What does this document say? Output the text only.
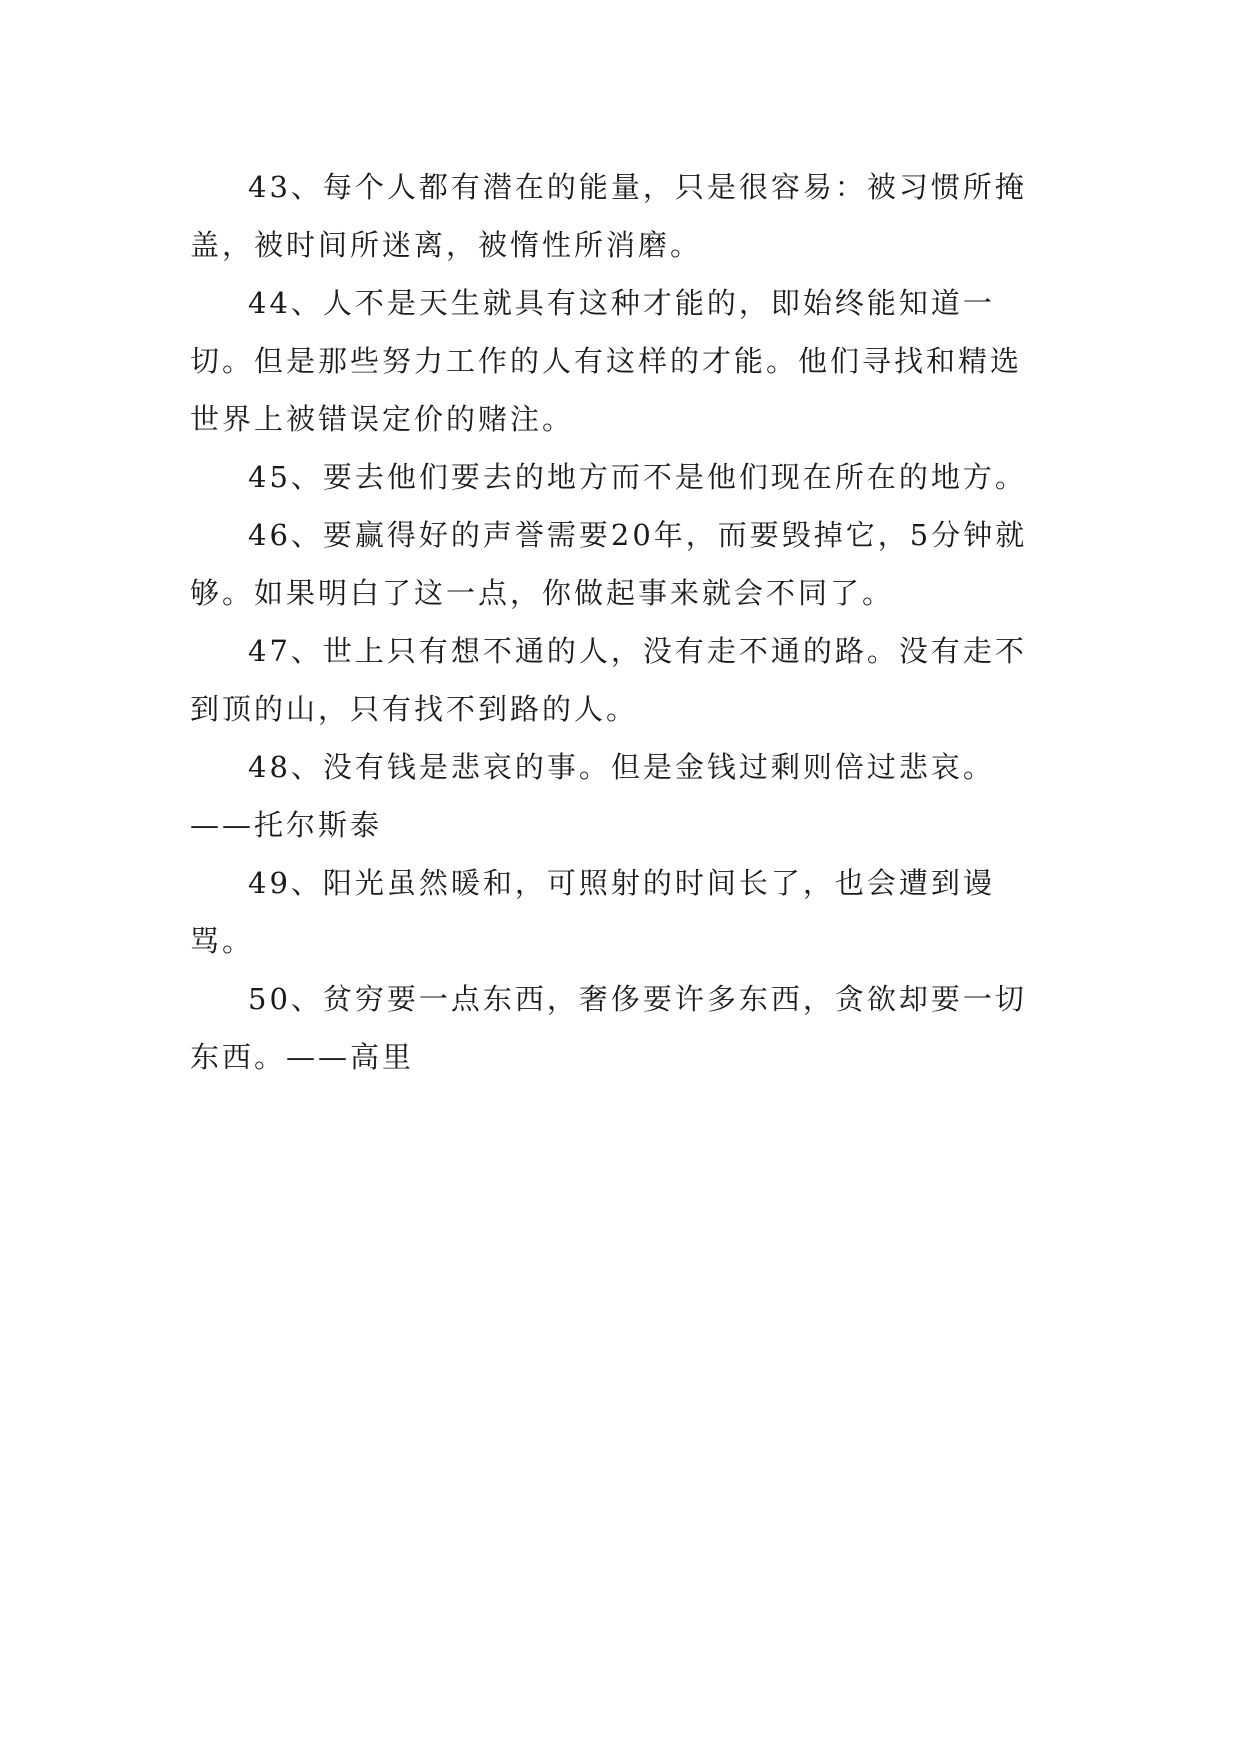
43、每个人都有潜在的能量，只是很容易：被习惯所掩盖，被时间所迷离，被惰性所消磨。

44、人不是天生就具有这种才能的，即始终能知道一切。但是那些努力工作的人有这样的才能。他们寻找和精选世界上被错误定价的赌注。

45、要去他们要去的地方而不是他们现在所在的地方。

46、要赢得好的声誉需要20年，而要毁掉它，5分钟就够。如果明白了这一点，你做起事来就会不同了。

47、世上只有想不通的人，没有走不通的路。没有走不到顶的山，只有找不到路的人。

48、没有钱是悲哀的事。但是金钱过剩则倍过悲哀。——托尔斯泰

49、阳光虽然暖和，可照射的时间长了，也会遭到谩骂。

50、贫穷要一点东西，奢侈要许多东西，贪欲却要一切东西。——高里
